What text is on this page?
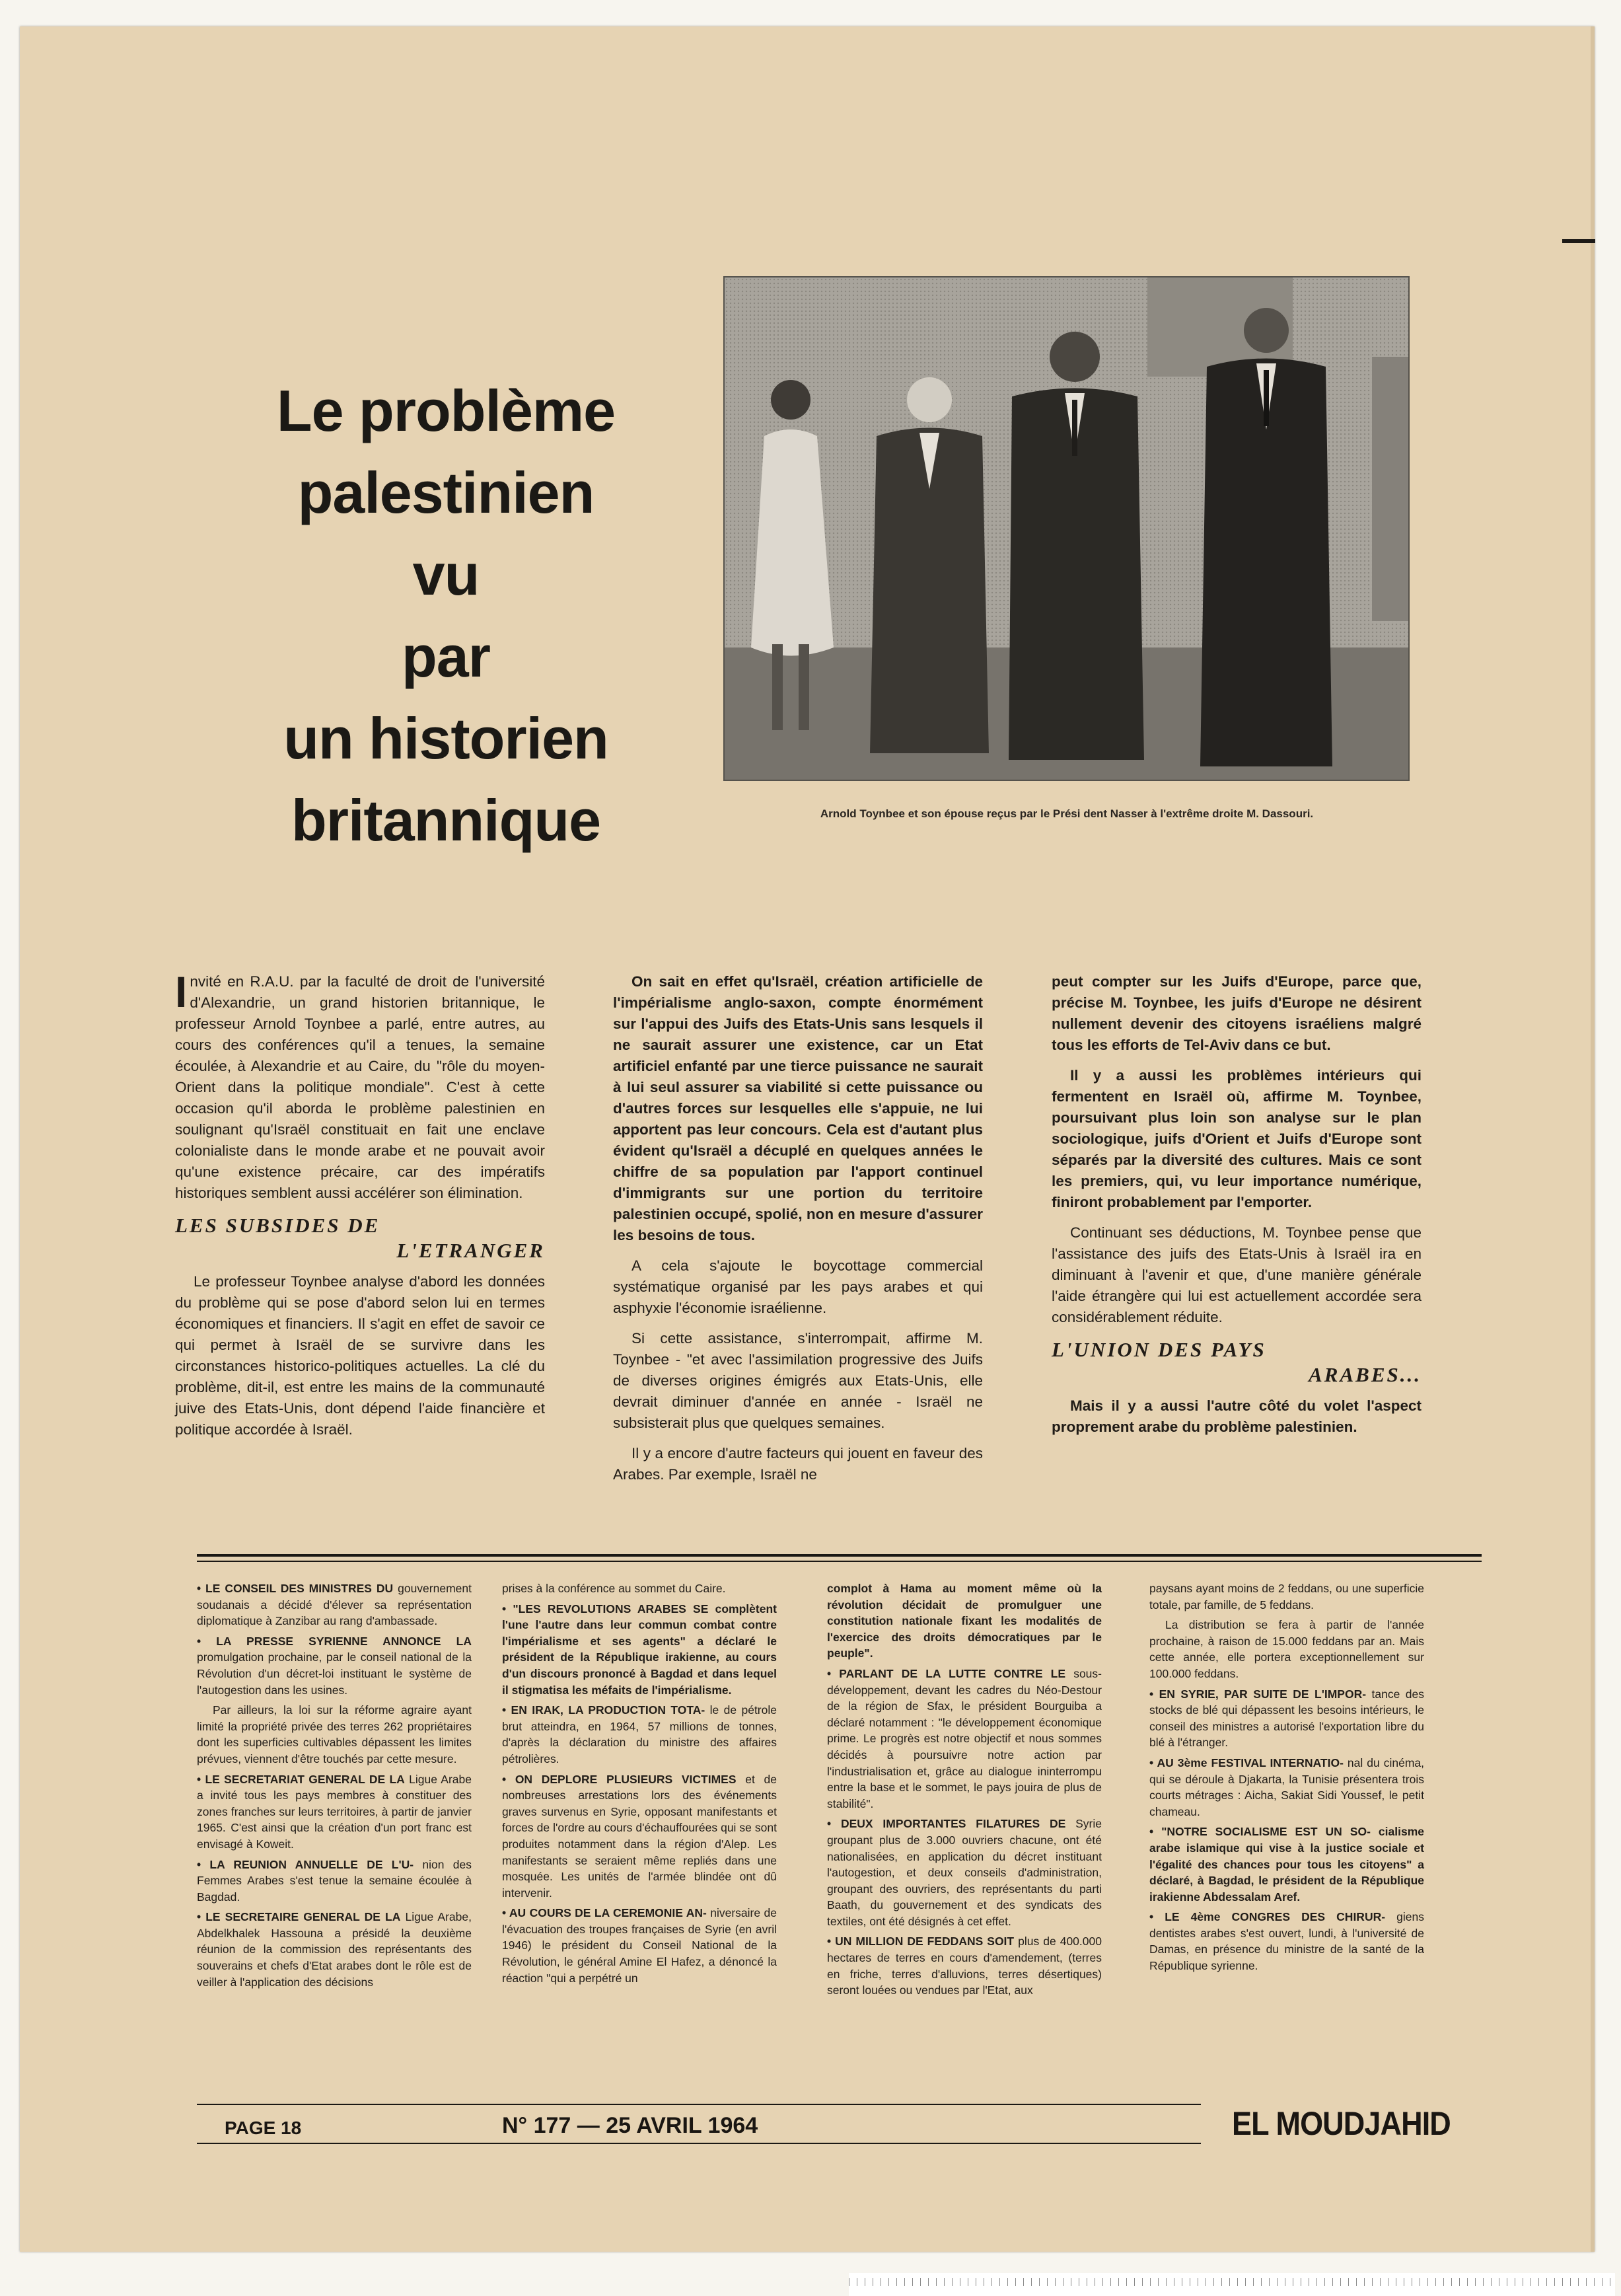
Le problème
palestinien
vu
par
un historien
britannique	Arnold Toynbee et son épouse reçus par le Prési dent Nasser à l'extrême droite M. Dassouri.

Invité en R.A.U. par la faculté de droit de l'université d'Alexandrie, un grand historien britannique, le professeur Arnold Toynbee a parlé, entre autres, au cours des conférences qu'il a tenues, la semaine écoulée, à Alexandrie et au Caire, du "rôle du moyen-Orient dans la politique mondiale". C'est à cette occasion qu'il aborda le problème palestinien en soulignant qu'Israël constituait en fait une enclave colonialiste dans le monde arabe et ne pouvait avoir qu'une existence précaire, car des impératifs historiques semblent aussi accélérer son élimination.

LES SUBSIDES DE
L'ETRANGER

Le professeur Toynbee analyse d'abord les données du problème qui se pose d'abord selon lui en termes économiques et financiers. Il s'agit en effet de savoir ce qui permet à Israël de se survivre dans les circonstances historico-politiques actuelles. La clé du problème, dit-il, est entre les mains de la communauté juive des Etats-Unis, dont dépend l'aide financière et politique accordée à Israël.

On sait en effet qu'Israël, création artificielle de l'impérialisme anglo-saxon, compte énormément sur l'appui des Juifs des Etats-Unis sans lesquels il ne saurait assurer une existence, car un Etat artificiel enfanté par une tierce puissance ne saurait à lui seul assurer sa viabilité si cette puissance ou d'autres forces sur lesquelles elle s'appuie, ne lui apportent pas leur concours. Cela est d'autant plus évident qu'Israël a décuplé en quelques années le chiffre de sa population par l'apport continuel d'immigrants sur une portion du territoire palestinien occupé, spolié, non en mesure d'assurer les besoins de tous.

A cela s'ajoute le boycottage commercial systématique organisé par les pays arabes et qui asphyxie l'économie israélienne.

Si cette assistance, s'interrompait, affirme M. Toynbee - "et avec l'assimilation progressive des Juifs de diverses origines émigrés aux Etats-Unis, elle devrait diminuer d'année en année - Israël ne subsisterait plus que quelques semaines.

Il y a encore d'autre facteurs qui jouent en faveur des Arabes. Par exemple, Israël ne

peut compter sur les Juifs d'Europe, parce que, précise M. Toynbee, les juifs d'Europe ne désirent nullement devenir des citoyens israéliens malgré tous les efforts de Tel-Aviv dans ce but.

Il y a aussi les problèmes intérieurs qui fermentent en Israël où, affirme M. Toynbee, poursuivant plus loin son analyse sur le plan sociologique, juifs d'Orient et Juifs d'Europe sont séparés par la diversité des cultures. Mais ce sont les premiers, qui, vu leur importance numérique, finiront probablement par l'emporter.

Continuant ses déductions, M. Toynbee pense que l'assistance des juifs des Etats-Unis à Israël ira en diminuant à l'avenir et que, d'une manière générale l'aide étrangère qui lui est actuellement accordée sera considérablement réduite.

L'UNION DES PAYS
ARABES...

Mais il y a aussi l'autre côté du volet l'aspect proprement arabe du problème palestinien.

• LE CONSEIL DES MINISTRES DU gouvernement soudanais a décidé d'élever sa représentation diplomatique à Zanzibar au rang d'ambassade.

• LA PRESSE SYRIENNE ANNONCE LA promulgation prochaine, par le conseil national de la Révolution d'un décret-loi instituant le système de l'autogestion dans les usines.

Par ailleurs, la loi sur la réforme agraire ayant limité la propriété privée des terres 262 propriétaires dont les superficies cultivables dépassent les limites prévues, viennent d'être touchés par cette mesure.

• LE SECRETARIAT GENERAL DE LA Ligue Arabe a invité tous les pays membres à constituer des zones franches sur leurs territoires, à partir de janvier 1965. C'est ainsi que la création d'un port franc est envisagé à Koweit.

• LA REUNION ANNUELLE DE L'U- nion des Femmes Arabes s'est tenue la semaine écoulée à Bagdad.

• LE SECRETAIRE GENERAL DE LA Ligue Arabe, Abdelkhalek Hassouna a présidé la deuxième réunion de la commission des représentants des souverains et chefs d'Etat arabes dont le rôle est de veiller à l'application des décisions

prises à la conférence au sommet du Caire.

• "LES REVOLUTIONS ARABES SE complètent l'une l'autre dans leur commun combat contre l'impérialisme et ses agents" a déclaré le président de la République irakienne, au cours d'un discours prononcé à Bagdad et dans lequel il stigmatisa les méfaits de l'impérialisme.

• EN IRAK, LA PRODUCTION TOTA- le de pétrole brut atteindra, en 1964, 57 millions de tonnes, d'après la déclaration du ministre des affaires pétrolières.

• ON DEPLORE PLUSIEURS VICTIMES et de nombreuses arrestations lors des événements graves survenus en Syrie, opposant manifestants et forces de l'ordre au cours d'échauffourées qui se sont produites notamment dans la région d'Alep. Les manifestants se seraient même repliés dans une mosquée. Les unités de l'armée blindée ont dû intervenir.

• AU COURS DE LA CEREMONIE AN- niversaire de l'évacuation des troupes françaises de Syrie (en avril 1946) le président du Conseil National de la Révolution, le général Amine El Hafez, a dénoncé la réaction "qui a perpétré un

complot à Hama au moment même où la révolution décidait de promulguer une constitution nationale fixant les modalités de l'exercice des droits démocratiques par le peuple".

• PARLANT DE LA LUTTE CONTRE LE sous-développement, devant les cadres du Néo-Destour de la région de Sfax, le président Bourguiba a déclaré notamment : "le développement économique prime. Le progrès est notre objectif et nous sommes décidés à poursuivre notre action par l'industrialisation et, grâce au dialogue ininterrompu entre la base et le sommet, le pays jouira de plus de stabilité".

• DEUX IMPORTANTES FILATURES DE Syrie groupant plus de 3.000 ouvriers chacune, ont été nationalisées, en application du décret instituant l'autogestion, et deux conseils d'administration, groupant des ouvriers, des représentants du parti Baath, du gouvernement et des syndicats des textiles, ont été désignés à cet effet.

• UN MILLION DE FEDDANS SOIT plus de 400.000 hectares de terres en cours d'amendement, (terres en friche, terres d'alluvions, terres désertiques) seront louées ou vendues par l'Etat, aux

paysans ayant moins de 2 feddans, ou une superficie totale, par famille, de 5 feddans.

La distribution se fera à partir de l'année prochaine, à raison de 15.000 feddans par an. Mais cette année, elle portera exceptionnellement sur 100.000 feddans.

• EN SYRIE, PAR SUITE DE L'IMPOR- tance des stocks de blé qui dépassent les besoins intérieurs, le conseil des ministres a autorisé l'exportation libre du blé à l'étranger.

• AU 3ème FESTIVAL INTERNATIO- nal du cinéma, qui se déroule à Djakarta, la Tunisie présentera trois courts métrages : Aicha, Sakiat Sidi Youssef, le petit chameau.

• "NOTRE SOCIALISME EST UN SO- cialisme arabe islamique qui vise à la justice sociale et l'égalité des chances pour tous les citoyens" a déclaré, à Bagdad, le président de la République irakienne Abdessalam Aref.

• LE 4ème CONGRES DES CHIRUR- giens dentistes arabes s'est ouvert, lundi, à l'université de Damas, en présence du ministre de la santé de la République syrienne.

PAGE 18	N° 177 — 25 AVRIL 1964	EL MOUDJAHID
